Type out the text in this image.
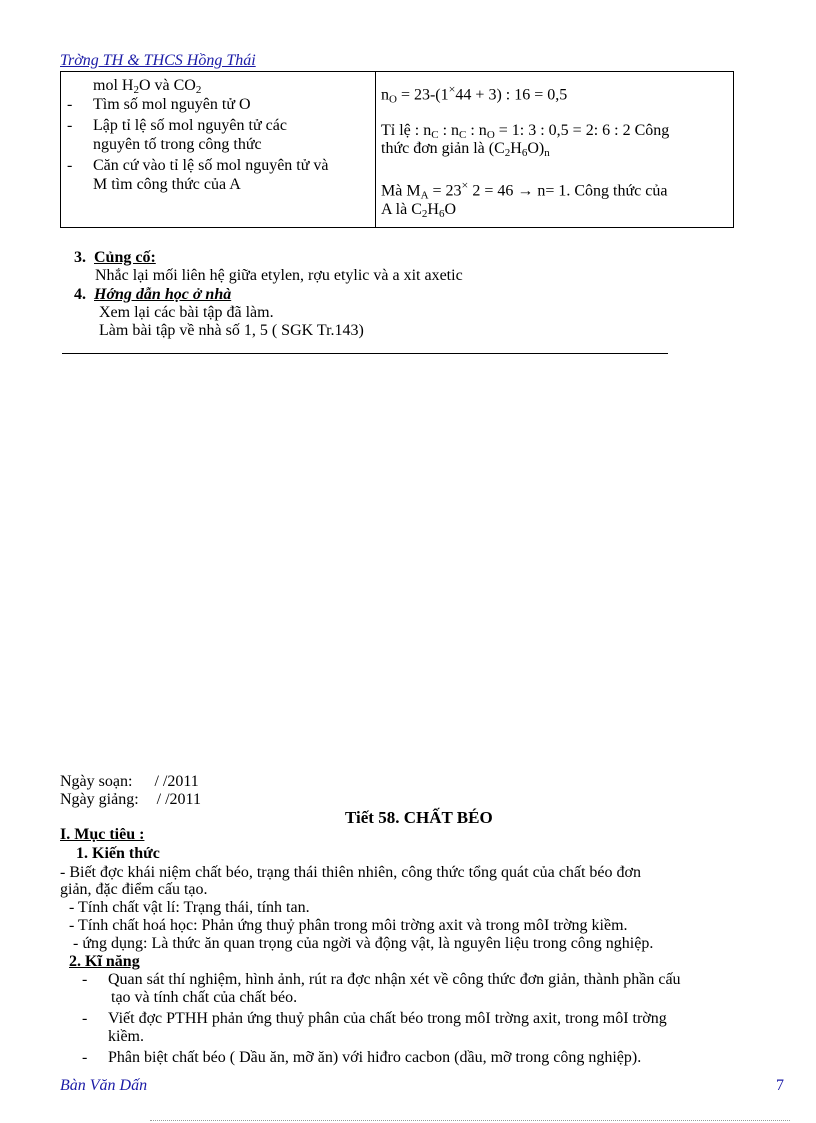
Trờng TH & THCS Hồng Thái
mol $H_2O$ và $CO_2$
- Tìm số mol nguyên tử O
- Lập tỉ lệ số mol nguyên tử các
nguyên tố trong công thức
- Căn cứ vào tỉ lệ số mol nguyên tử và
M tìm công thức của A

$n_O = 23-(1^\times 44 + 3)$ : 16 = 0,5

Tỉ lệ : $n_C$ : $n_C$ : $n_O = 1$: 3 : 0,5 = 2: 6 : 2 Công
thức đơn giản là $(C_2H_6O)_n$

Mà $M_A = 23^\times$ 2 = 46 → n= 1. Công thức của
A là $C_2H_6O$

3. Củng cố:
Nhắc lại mối liên hệ giữa etylen, rợu etylic và a xit axetic
4. Hớng dẫn học ở nhà
Xem lại các bài tập đã làm.
Làm bài tập về nhà số 1, 5 ( SGK Tr.143)
Ngày soạn: / /2011
Ngày giảng: / /2011
Tiết 58. CHẤT BÉO
I. Mục tiêu :
1. Kiến thức
- Biết đợc khái niệm chất béo, trạng thái thiên nhiên, công thức tổng quát của chất béo đơn
giản, đặc điểm cấu tạo.
- Tính chất vật lí: Trạng thái, tính tan.
- Tính chất hoá học: Phản ứng thuỷ phân trong môi trờng axit và trong môI trờng kiềm.
- ứng dụng: Là thức ăn quan trọng của ngời và động vật, là nguyên liệu trong công nghiệp.
2. Kĩ năng
- Quan sát thí nghiệm, hình ảnh, rút ra đợc nhận xét về công thức đơn giản, thành phần cấu
tạo và tính chất của chất béo.
- Viết đợc PTHH phản ứng thuỷ phân của chất béo trong môI trờng axit, trong môI trờng
kiềm.
- Phân biệt chất béo ( Dầu ăn, mỡ ăn) với hiđro cacbon (dầu, mỡ trong công nghiệp).
Bàn Văn Dấn	7
